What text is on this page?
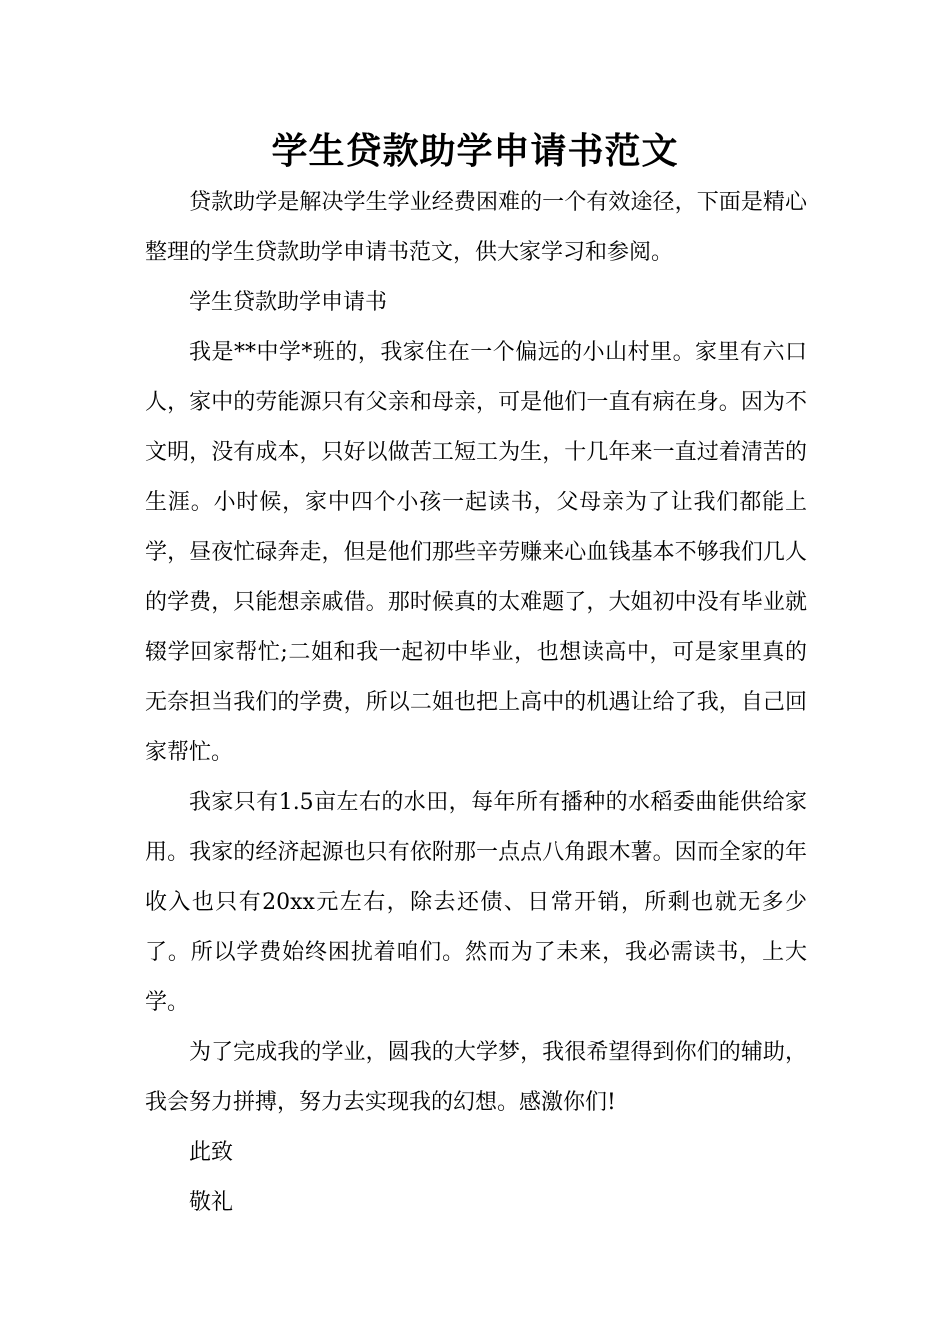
学生贷款助学申请书范文

贷款助学是解决学生学业经费困难的一个有效途径，下面是精心整理的学生贷款助学申请书范文，供大家学习和参阅。

学生贷款助学申请书

我是**中学*班的，我家住在一个偏远的小山村里。家里有六口人，家中的劳能源只有父亲和母亲，可是他们一直有病在身。因为不文明，没有成本，只好以做苦工短工为生，十几年来一直过着清苦的生涯。小时候，家中四个小孩一起读书，父母亲为了让我们都能上学，昼夜忙碌奔走，但是他们那些辛劳赚来心血钱基本不够我们几人的学费，只能想亲戚借。那时候真的太难题了，大姐初中没有毕业就辍学回家帮忙;二姐和我一起初中毕业，也想读高中，可是家里真的无奈担当我们的学费，所以二姐也把上高中的机遇让给了我，自己回家帮忙。

我家只有1.5亩左右的水田，每年所有播种的水稻委曲能供给家用。我家的经济起源也只有依附那一点点八角跟木薯。因而全家的年收入也只有20xx元左右，除去还债、日常开销，所剩也就无多少了。所以学费始终困扰着咱们。然而为了未来，我必需读书，上大学。

为了完成我的学业，圆我的大学梦，我很希望得到你们的辅助，我会努力拼搏，努力去实现我的幻想。感激你们!

此致

敬礼
